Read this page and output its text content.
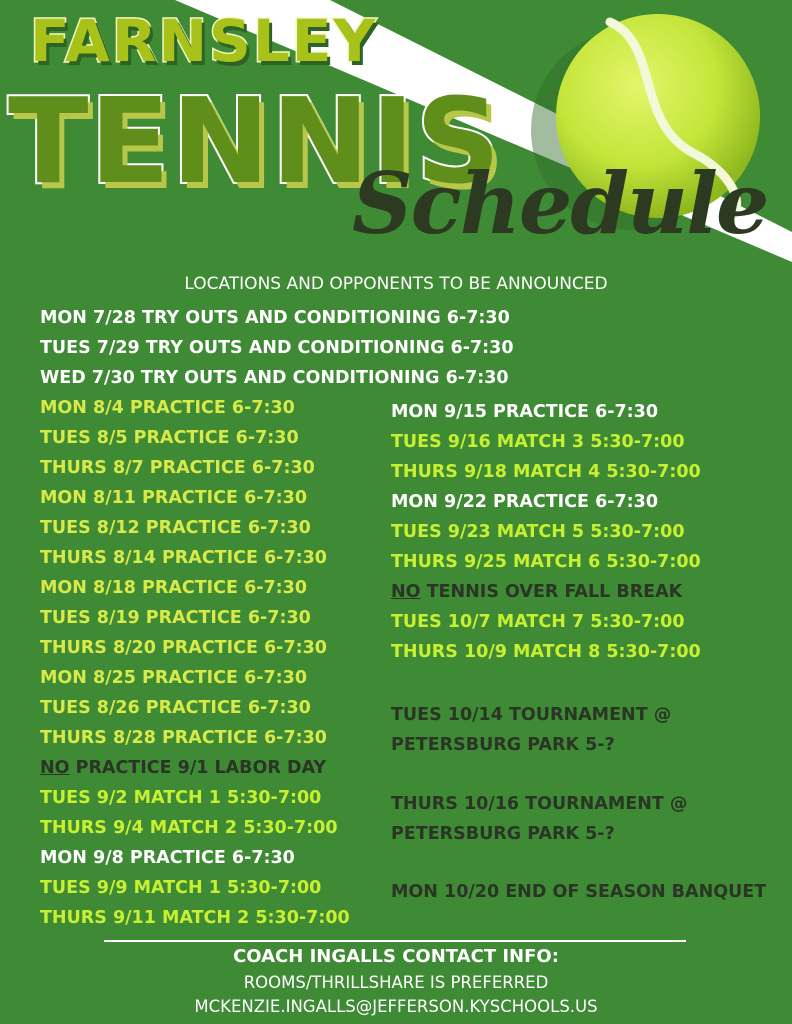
FARNSLEY
TENNIS
Schedule
LOCATIONS AND OPPONENTS TO BE ANNOUNCED
MON 7/28 TRY OUTS AND CONDITIONING 6-7:30
TUES 7/29 TRY OUTS AND CONDITIONING 6-7:30
WED 7/30 TRY OUTS AND CONDITIONING 6-7:30
MON 8/4 PRACTICE 6-7:30
TUES 8/5 PRACTICE 6-7:30
THURS 8/7 PRACTICE 6-7:30
MON 8/11 PRACTICE 6-7:30
TUES 8/12 PRACTICE 6-7:30
THURS 8/14 PRACTICE 6-7:30
MON 8/18 PRACTICE 6-7:30
TUES 8/19 PRACTICE 6-7:30
THURS 8/20 PRACTICE 6-7:30
MON 8/25 PRACTICE 6-7:30
TUES 8/26 PRACTICE 6-7:30
THURS 8/28 PRACTICE 6-7:30
NO PRACTICE 9/1 LABOR DAY
TUES 9/2 MATCH 1 5:30-7:00
THURS 9/4 MATCH 2 5:30-7:00
MON 9/8 PRACTICE 6-7:30
TUES 9/9 MATCH 1 5:30-7:00
THURS 9/11 MATCH 2 5:30-7:00
MON 9/15 PRACTICE 6-7:30
TUES 9/16 MATCH 3 5:30-7:00
THURS 9/18 MATCH 4 5:30-7:00
MON 9/22 PRACTICE 6-7:30
TUES 9/23 MATCH 5 5:30-7:00
THURS 9/25 MATCH 6 5:30-7:00
NO TENNIS OVER FALL BREAK
TUES 10/7 MATCH 7 5:30-7:00
THURS 10/9 MATCH 8 5:30-7:00
TUES 10/14 TOURNAMENT @
PETERSBURG PARK 5-?
THURS 10/16 TOURNAMENT @
PETERSBURG PARK 5-?
MON 10/20 END OF SEASON BANQUET
COACH INGALLS CONTACT INFO:
ROOMS/THRILLSHARE IS PREFERRED
MCKENZIE.INGALLS@JEFFERSON.KYSCHOOLS.US
